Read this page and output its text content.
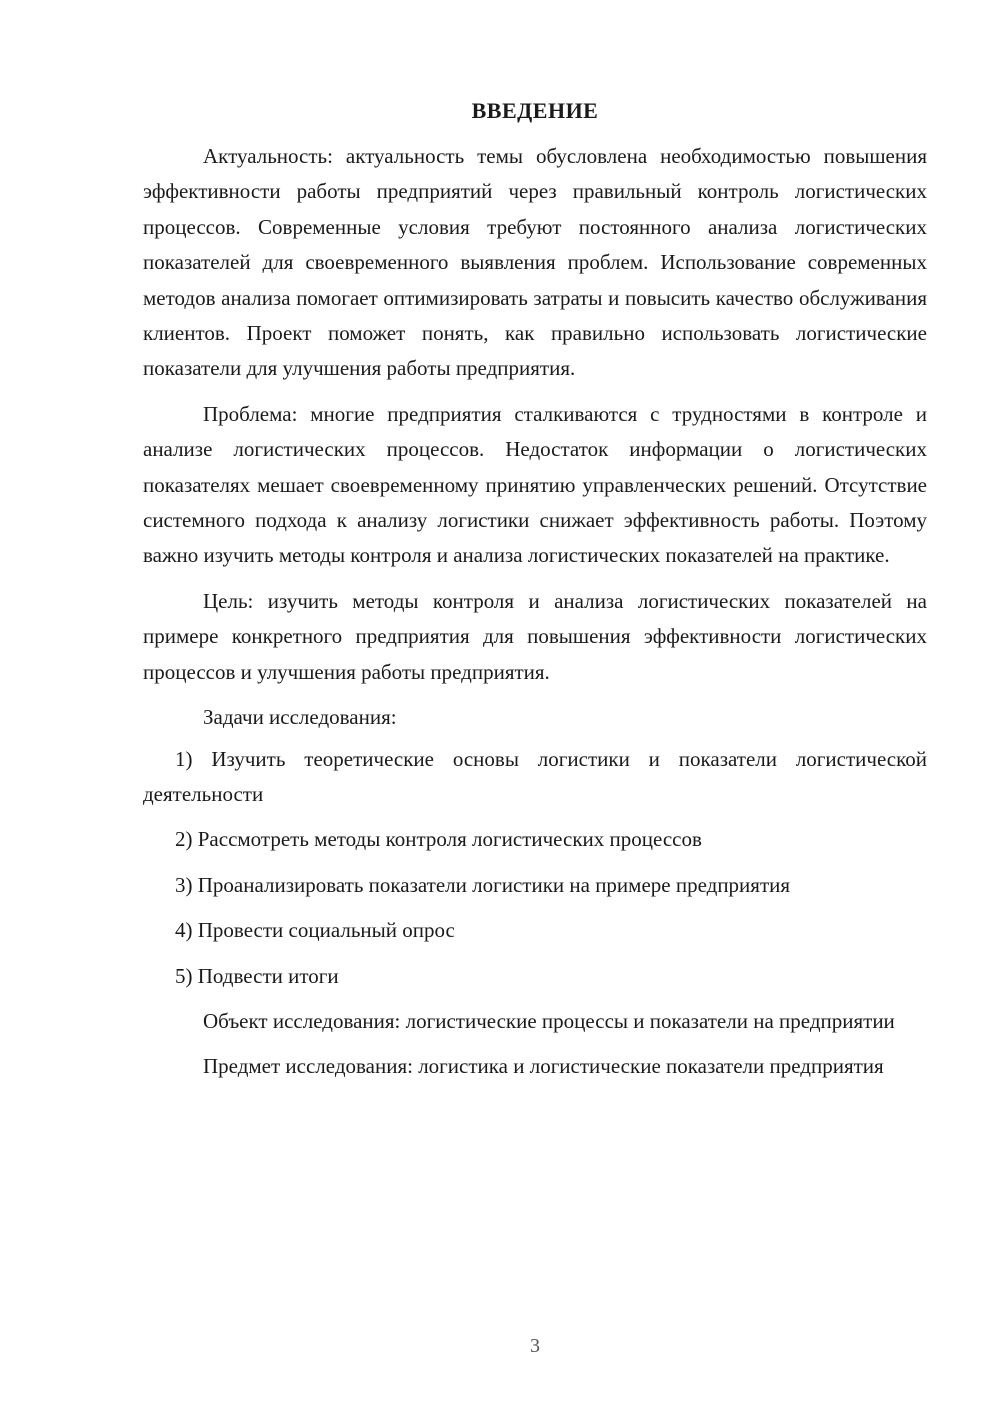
ВВЕДЕНИЕ

Актуальность: актуальность темы обусловлена необходимостью повышения эффективности работы предприятий через правильный контроль логистических процессов. Современные условия требуют постоянного анализа логистических показателей для своевременного выявления проблем. Использование современных методов анализа помогает оптимизировать затраты и повысить качество обслуживания клиентов. Проект поможет понять, как правильно использовать логистические показатели для улучшения работы предприятия.

Проблема: многие предприятия сталкиваются с трудностями в контроле и анализе логистических процессов. Недостаток информации о логистических показателях мешает своевременному принятию управленческих решений. Отсутствие системного подхода к анализу логистики снижает эффективность работы. Поэтому важно изучить методы контроля и анализа логистических показателей на практике.

Цель: изучить методы контроля и анализа логистических показателей на примере конкретного предприятия для повышения эффективности логистических процессов и улучшения работы предприятия.

Задачи исследования:

1) Изучить теоретические основы логистики и показатели логистической деятельности

2) Рассмотреть методы контроля логистических процессов

3) Проанализировать показатели логистики на примере предприятия

4) Провести социальный опрос

5) Подвести итоги

Объект исследования: логистические процессы и показатели на предприятии

Предмет исследования: логистика и логистические показатели предприятия

3
